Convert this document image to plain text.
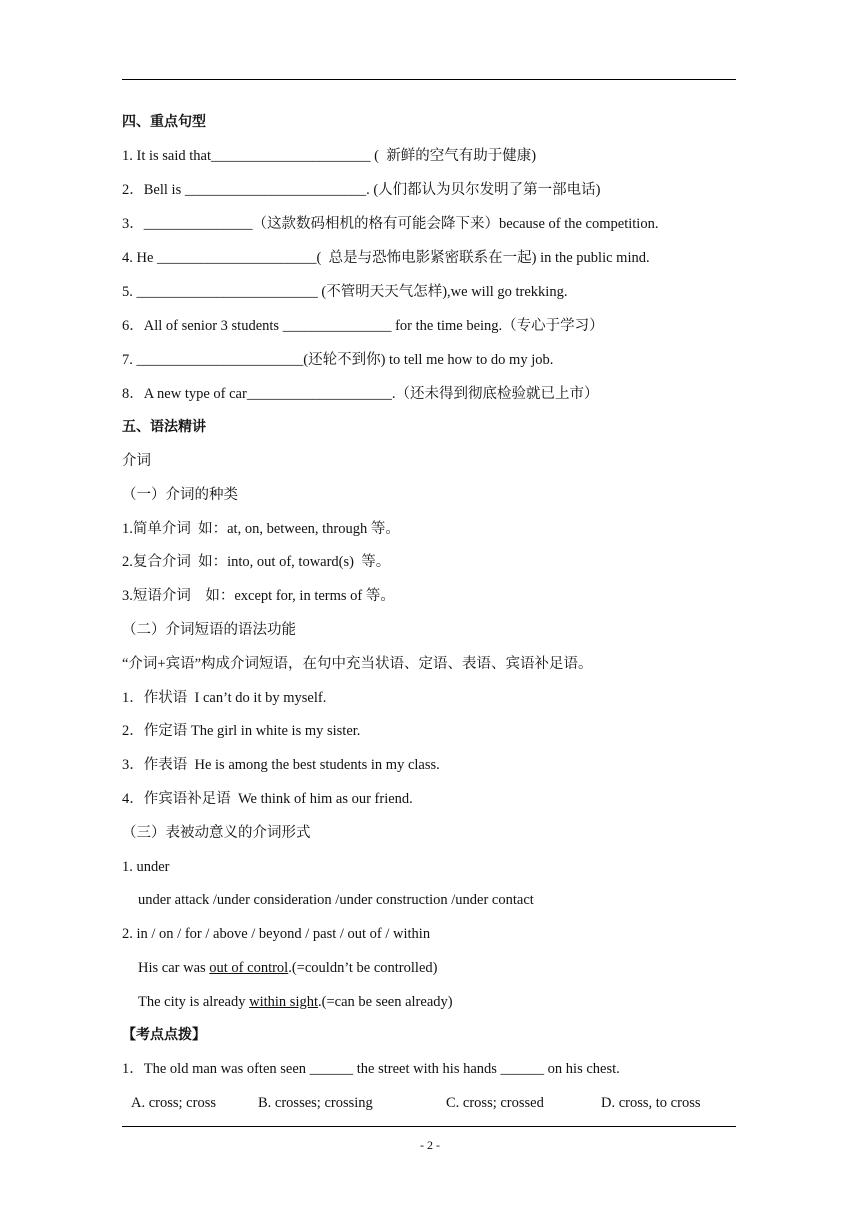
四、重点句型
1. It is said that______________________ (  新鲜的空气有助于健康)
2．Bell is _________________________. (人们都认为贝尔发明了第一部电话)
3．_______________（这款数码相机的格有可能会降下来）because of the competition.
4. He ______________________(  总是与恐怖电影紧密联系在一起) in the public mind.
5. _________________________ (不管明天天气怎样),we will go trekking.
6．All of senior 3 students _______________ for the time being.（专心于学习）
7. _______________________(还轮不到你) to tell me how to do my job.
8．A new type of car____________________.（还未得到彻底检验就已上市）
五、语法精讲
介词
（一）介词的种类
1.简单介词  如：at, on, between, through 等。
2.复合介词  如：into, out of, toward(s)  等。
3.短语介词    如：except for, in terms of 等。
（二）介词短语的语法功能
“介词+宾语”构成介词短语，在句中充当状语、定语、表语、宾语补足语。
1．作状语  I can’t do it by myself.
2．作定语 The girl in white is my sister.
3．作表语  He is among the best students in my class.
4．作宾语补足语  We think of him as our friend.
（三）表被动意义的介词形式
1. under
under attack /under consideration /under construction /under contact
2. in / on / for / above / beyond / past / out of / within
His car was out of control.(=couldn’t be controlled)
The city is already within sight.(=can be seen already)
【考点点拨】
1．The old man was often seen ______ the street with his hands ______ on his chest.
A. cross; cross	B. crosses; crossing	C. cross; crossed	D. cross, to cross
- 2 -
